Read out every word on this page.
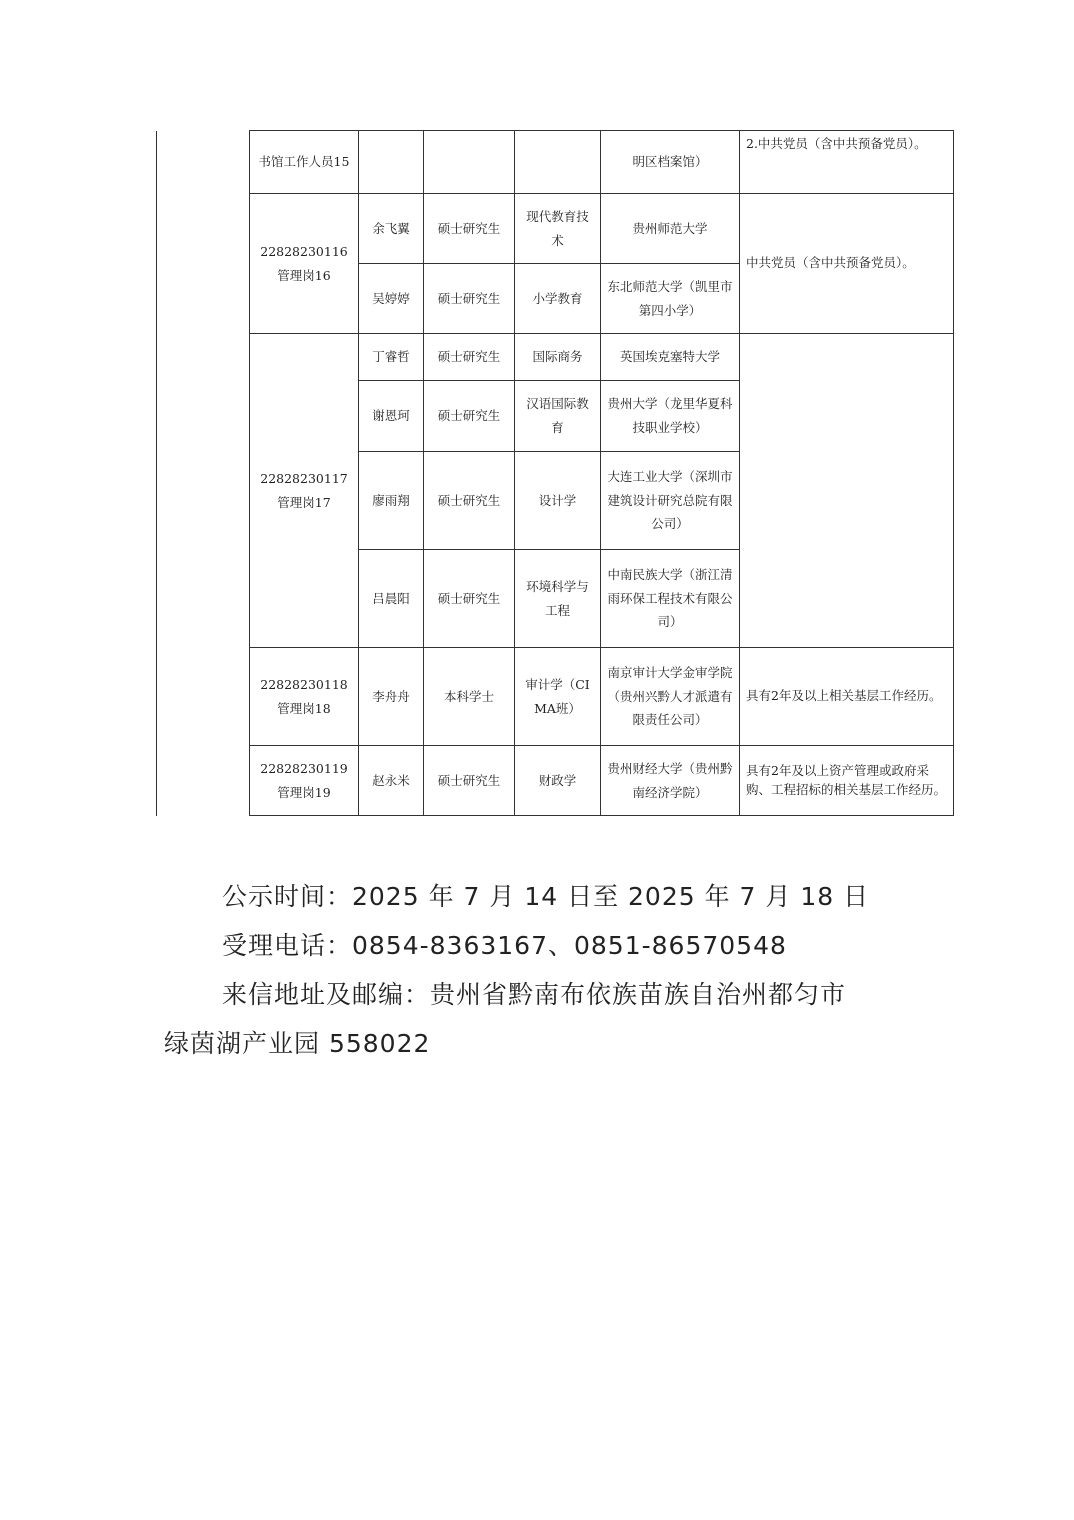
	书馆工作人员15				明区档案馆）	2.中共党员（含中共预备党员）。
	22828230116管理岗16	余飞翼	硕士研究生	现代教育技术	贵州师范大学	中共党员（含中共预备党员）。
		吴婷婷	硕士研究生	小学教育	东北师范大学（凯里市第四小学）	
	22828230117管理岗17	丁睿哲	硕士研究生	国际商务	英国埃克塞特大学	
		谢恩珂	硕士研究生	汉语国际教育	贵州大学（龙里华夏科技职业学校）	
		廖雨翔	硕士研究生	设计学	大连工业大学（深圳市建筑设计研究总院有限公司）	
		吕晨阳	硕士研究生	环境科学与工程	中南民族大学（浙江清雨环保工程技术有限公司）	
	22828230118管理岗18	李舟舟	本科学士	审计学（CIMA班）	南京审计大学金审学院（贵州兴黔人才派遣有限责任公司）	具有2年及以上相关基层工作经历。
	22828230119管理岗19	赵永米	硕士研究生	财政学	贵州财经大学（贵州黔南经济学院）	具有2年及以上资产管理或政府采购、工程招标的相关基层工作经历。

公示时间：2025 年 7 月 14 日至 2025 年 7 月 18 日

受理电话：0854-8363167、0851-86570548

来信地址及邮编：贵州省黔南布依族苗族自治州都匀市

绿茵湖产业园 558022
